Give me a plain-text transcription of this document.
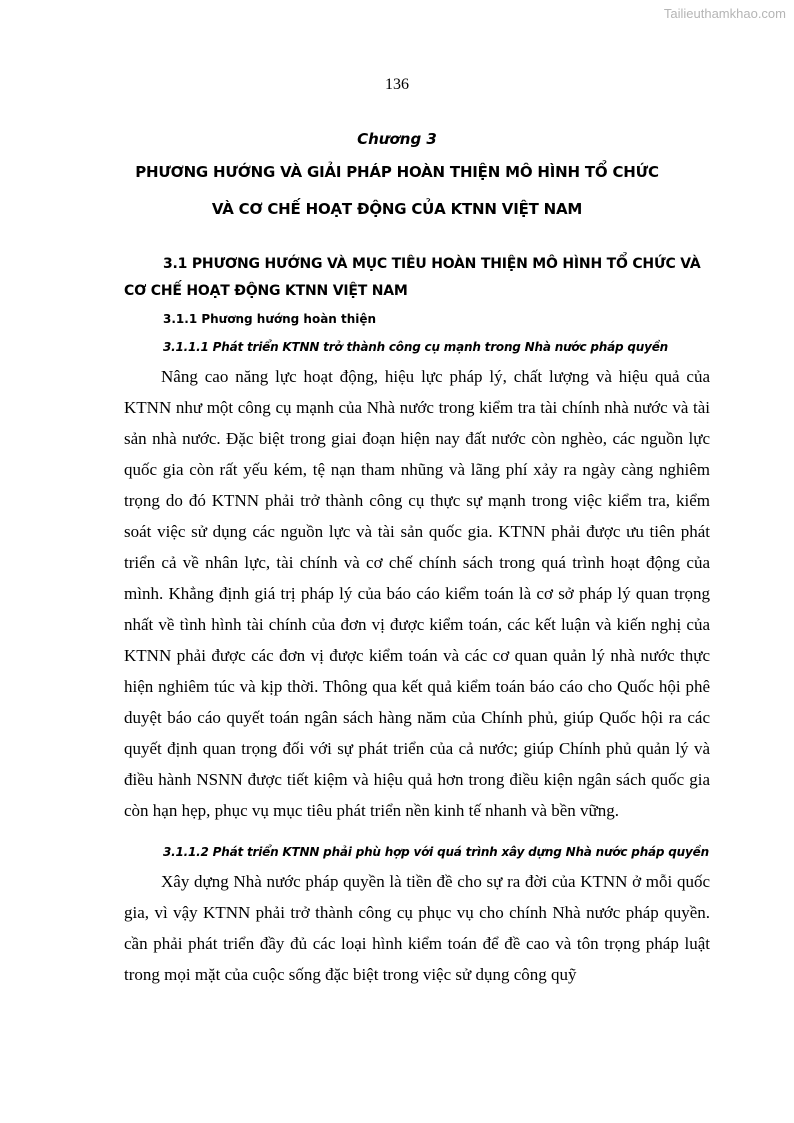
Tailieuthamkhao.com
136
Chương 3
PHƯƠNG HƯỚNG VÀ GIẢI PHÁP HOÀN THIỆN MÔ HÌNH TỔ CHỨC
VÀ CƠ CHẾ HOẠT ĐỘNG CỦA KTNN VIỆT NAM
3.1 PHƯƠNG HƯỚNG VÀ MỤC TIÊU HOÀN THIỆN MÔ HÌNH TỔ CHỨC VÀ
CƠ CHẾ HOẠT ĐỘNG KTNN VIỆT NAM
3.1.1 Phương hướng hoàn thiện
3.1.1.1 Phát triển KTNN trở thành công cụ mạnh trong Nhà nước pháp quyền

Nâng cao năng lực hoạt động, hiệu lực pháp lý, chất lượng và hiệu quả của KTNN như một công cụ mạnh của Nhà nước trong kiểm tra tài chính nhà nước và tài sản nhà nước. Đặc biệt trong giai đoạn hiện nay đất nước còn nghèo, các nguồn lực quốc gia còn rất yếu kém, tệ nạn tham nhũng và lãng phí xảy ra ngày càng nghiêm trọng do đó KTNN phải trở thành công cụ thực sự mạnh trong việc kiểm tra, kiểm soát việc sử dụng các nguồn lực và tài sản quốc gia. KTNN phải được ưu tiên phát triển cả về nhân lực, tài chính và cơ chế chính sách trong quá trình hoạt động của mình. Khẳng định giá trị pháp lý của báo cáo kiểm toán là cơ sở pháp lý quan trọng nhất về tình hình tài chính của đơn vị được kiểm toán, các kết luận và kiến nghị của KTNN phải được các đơn vị được kiểm toán và các cơ quan quản lý nhà nước thực hiện nghiêm túc và kịp thời. Thông qua kết quả kiểm toán báo cáo cho Quốc hội phê duyệt báo cáo quyết toán ngân sách hàng năm của Chính phủ, giúp Quốc hội ra các quyết định quan trọng đối với sự phát triển của cả nước; giúp Chính phủ quản lý và điều hành NSNN được tiết kiệm và hiệu quả hơn trong điều kiện ngân sách quốc gia còn hạn hẹp, phục vụ mục tiêu phát triển nền kinh tế nhanh và bền vững.

3.1.1.2 Phát triển KTNN phải phù hợp với quá trình xây dựng Nhà nước pháp quyền

Xây dựng Nhà nước pháp quyền là tiền đề cho sự ra đời của KTNN ở mỗi quốc gia, vì vậy KTNN phải trở thành công cụ phục vụ cho chính Nhà nước pháp quyền. cần phải phát triển đầy đủ các loại hình kiểm toán để đề cao và tôn trọng pháp luật trong mọi mặt của cuộc sống đặc biệt trong việc sử dụng công quỹ
